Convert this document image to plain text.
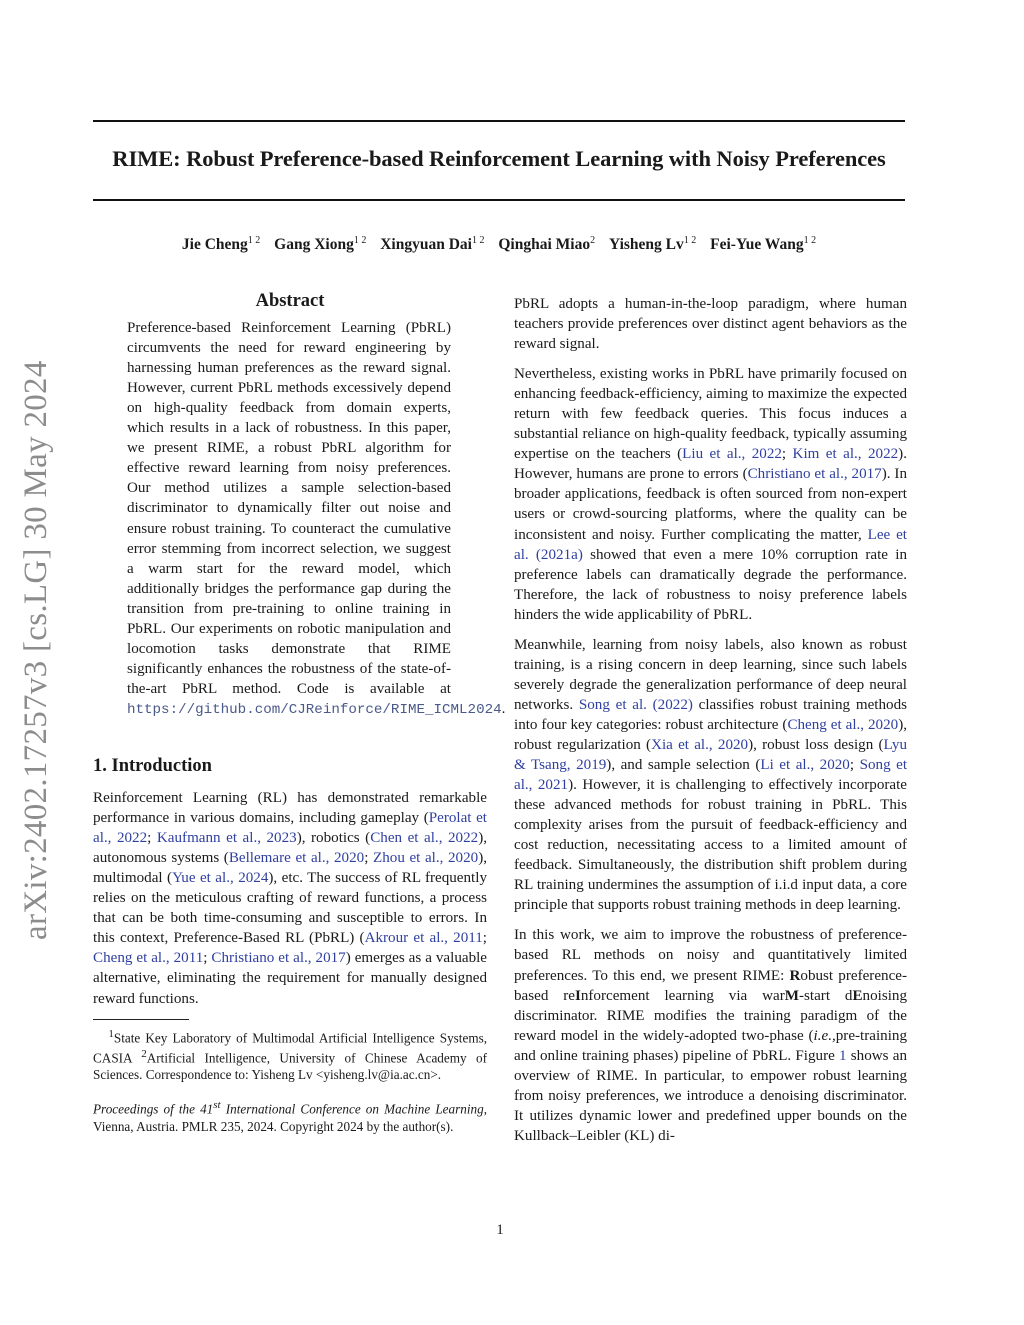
RIME: Robust Preference-based Reinforcement Learning with Noisy Preferences
Jie Cheng$^{1 2}$ Gang Xiong$^{1 2}$ Xingyuan Dai$^{1 2}$ Qinghai Miao$^2$ Yisheng $Lv^{1 2}$ Fei-Yue Wang$^{1 2}$
arXiv:2402.17257v3 [cs.LG] 30 May 2024
Abstract
Preference-based Reinforcement Learning (PbRL) circumvents the need for reward engineering by harnessing human preferences as the reward signal. However, current PbRL methods excessively depend on high-quality feedback from domain experts, which results in a lack of robustness. In this paper, we present RIME, a robust PbRL algorithm for effective reward learning from noisy preferences. Our method utilizes a sample selection-based discriminator to dynamically filter out noise and ensure robust training. To counteract the cumulative error stemming from incorrect selection, we suggest a warm start for the reward model, which additionally bridges the performance gap during the transition from pre-training to online training in PbRL. Our experiments on robotic manipulation and locomotion tasks demonstrate that RIME significantly enhances the robustness of the state-of-the-art PbRL method. Code is available at https://github.com/CJReinforce/RIME_ICML2024.
1. Introduction

Reinforcement Learning (RL) has demonstrated remarkable performance in various domains, including gameplay (Perolat et al., 2022; Kaufmann et al., 2023), robotics (Chen et al., 2022), autonomous systems (Bellemare et al., 2020; Zhou et al., 2020), multimodal (Yue et al., 2024), etc. The success of RL frequently relies on the meticulous crafting of reward functions, a process that can be both time-consuming and susceptible to errors. In this context, Preference-Based RL (PbRL) (Akrour et al., 2011; Cheng et al., 2011; Christiano et al., 2017) emerges as a valuable alternative, eliminating the requirement for manually designed reward functions.

$^1$State Key Laboratory of Multimodal Artificial Intelligence Systems, CASIA $^2$Artificial Intelligence, University of Chinese Academy of Sciences. Correspondence to: Yisheng Lv <yisheng.lv@ia.ac.cn>.

Proceedings of the 41st International Conference on Machine Learning, Vienna, Austria. PMLR 235, 2024. Copyright 2024 by the author(s).

PbRL adopts a human-in-the-loop paradigm, where human teachers provide preferences over distinct agent behaviors as the reward signal.

Nevertheless, existing works in PbRL have primarily focused on enhancing feedback-efficiency, aiming to maximize the expected return with few feedback queries. This focus induces a substantial reliance on high-quality feedback, typically assuming expertise on the teachers (Liu et al., 2022; Kim et al., 2022). However, humans are prone to errors (Christiano et al., 2017). In broader applications, feedback is often sourced from non-expert users or crowd-sourcing platforms, where the quality can be inconsistent and noisy. Further complicating the matter, Lee et al. (2021a) showed that even a mere 10% corruption rate in preference labels can dramatically degrade the performance. Therefore, the lack of robustness to noisy preference labels hinders the wide applicability of PbRL.

Meanwhile, learning from noisy labels, also known as robust training, is a rising concern in deep learning, since such labels severely degrade the generalization performance of deep neural networks. Song et al. (2022) classifies robust training methods into four key categories: robust architecture (Cheng et al., 2020), robust regularization (Xia et al., 2020), robust loss design (Lyu & Tsang, 2019), and sample selection (Li et al., 2020; Song et al., 2021). However, it is challenging to effectively incorporate these advanced methods for robust training in PbRL. This complexity arises from the pursuit of feedback-efficiency and cost reduction, necessitating access to a limited amount of feedback. Simultaneously, the distribution shift problem during RL training undermines the assumption of i.i.d input data, a core principle that supports robust training methods in deep learning.

In this work, we aim to improve the robustness of preference-based RL methods on noisy and quantitatively limited preferences. To this end, we present RIME: Robust preference-based reInforcement learning via warM-start dEnoising discriminator. RIME modifies the training paradigm of the reward model in the widely-adopted two-phase (i.e.,pre-training and online training phases) pipeline of PbRL. Figure 1 shows an overview of RIME. In particular, to empower robust learning from noisy preferences, we introduce a denoising discriminator. It utilizes dynamic lower and predefined upper bounds on the Kullback–Leibler (KL) di-

1
